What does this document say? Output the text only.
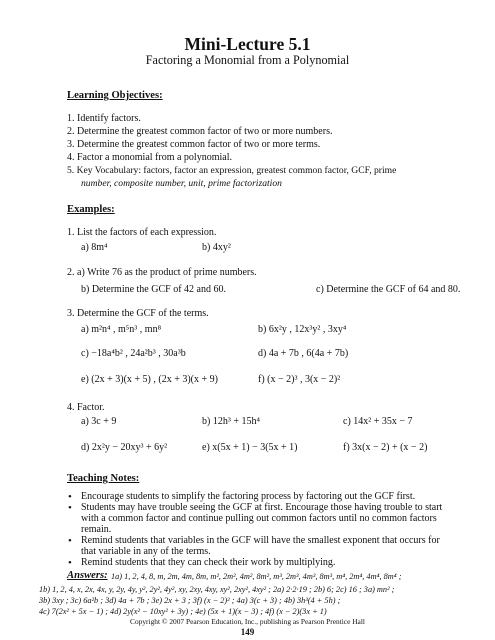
Mini-Lecture 5.1
Factoring a Monomial from a Polynomial
Learning Objectives:
1. Identify factors.
2. Determine the greatest common factor of two or more numbers.
3. Determine the greatest common factor of two or more terms.
4. Factor a monomial from a polynomial.
5. Key Vocabulary: factors, factor an expression, greatest common factor, GCF, prime
number, composite number, unit, prime factorization
Examples:
1. List the factors of each expression.
a) 8m⁴	b) 4xy²
2. a) Write 76 as the product of prime numbers.
b) Determine the GCF of 42 and 60.	c) Determine the GCF of 64 and 80.
3. Determine the GCF of the terms.
a) m²n⁴ , m⁵n³ , mn⁸	b) 6x²y , 12x³y² , 3xy⁴
c) −18a⁴b² , 24a²b³ , 30a³b	d) 4a + 7b , 6(4a + 7b)
e) (2x + 3)(x + 5) , (2x + 3)(x + 9)	f) (x − 2)³ , 3(x − 2)²
4. Factor.
a) 3c + 9	b) 12h³ + 15h⁴	c) 14x² + 35x − 7
d) 2x²y − 20xy³ + 6y²	e) x(5x + 1) − 3(5x + 1)	f) 3x(x − 2) + (x − 2)
Teaching Notes:
• Encourage students to simplify the factoring process by factoring out the GCF first.
• Students may have trouble seeing the GCF at first. Encourage those having trouble to start
with a common factor and continue pulling out common factors until no common factors
remain.
• Remind students that variables in the GCF will have the smallest exponent that occurs for
that variable in any of the terms.
• Remind students that they can check their work by multiplying.
Answers:
Copyright © 2007 Pearson Education, Inc., publishing as Pearson Prentice Hall
149
1a) 1, 2, 4, 8, m, 2m, 4m, 8m, m², 2m², 4m², 8m², m³, 2m³, 4m³, 8m³, m⁴, 2m⁴, 4m⁴, 8m⁴ ;
1b) 1, 2, 4, x, 2x, 4x, y, 2y, 4y, y², 2y², 4y², xy, 2xy, 4xy, xy², 2xy², 4xy² ; 2a) 2·2·19 ; 2b) 6; 2c) 16 ; 3a) mn² ;
3b) 3xy ; 3c) 6a²b ; 3d) 4a + 7b ; 3e) 2x + 3 ; 3f) (x − 2)² ; 4a) 3(c + 3) ; 4b) 3h³(4 + 5h) ;
4c) 7(2x² + 5x − 1) ; 4d) 2y(x² − 10xy² + 3y) ; 4e) (5x + 1)(x − 3) ; 4f) (x − 2)(3x + 1)
